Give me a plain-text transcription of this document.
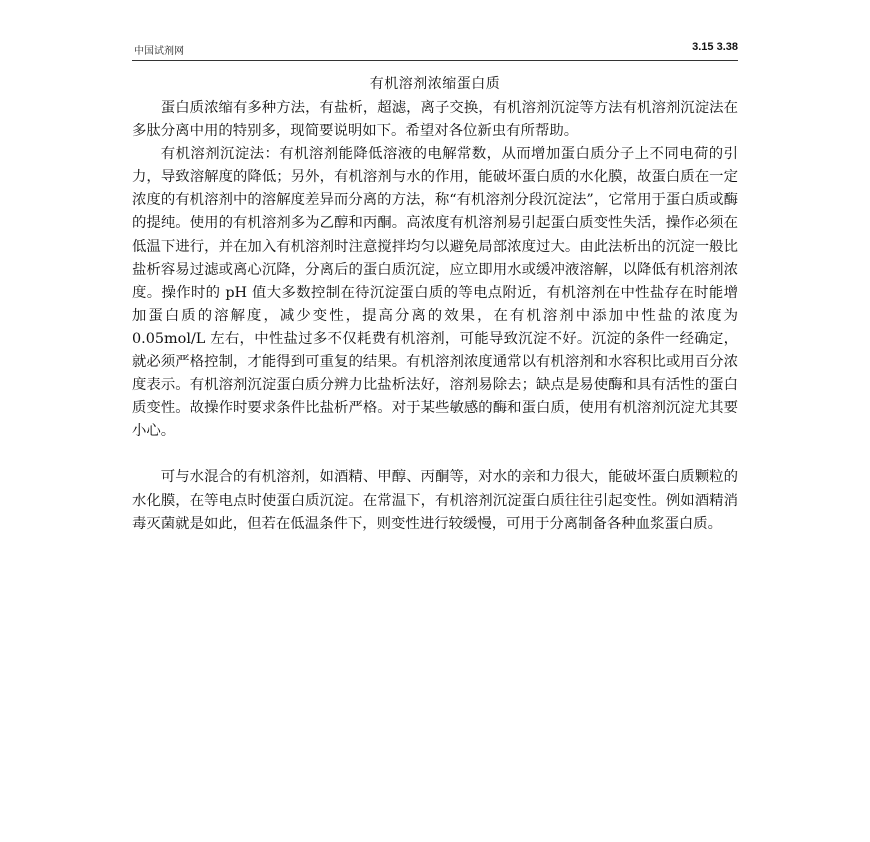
中国试剂网	3.15 3.38
有机溶剂浓缩蛋白质

蛋白质浓缩有多种方法，有盐析，超滤，离子交换，有机溶剂沉淀等方法有机溶剂沉淀法在多肽分离中用的特别多，现简要说明如下。希望对各位新虫有所帮助。

有机溶剂沉淀法：有机溶剂能降低溶液的电解常数，从而增加蛋白质分子上不同电荷的引力，导致溶解度的降低；另外，有机溶剂与水的作用，能破坏蛋白质的水化膜，故蛋白质在一定浓度的有机溶剂中的溶解度差异而分离的方法，称“有机溶剂分段沉淀法”，它常用于蛋白质或酶的提纯。使用的有机溶剂多为乙醇和丙酮。高浓度有机溶剂易引起蛋白质变性失活，操作必须在低温下进行，并在加入有机溶剂时注意搅拌均匀以避免局部浓度过大。由此法析出的沉淀一般比盐析容易过滤或离心沉降，分离后的蛋白质沉淀，应立即用水或缓冲液溶解，以降低有机溶剂浓度。操作时的 pH 值大多数控制在待沉淀蛋白质的等电点附近，有机溶剂在中性盐存在时能增加蛋白质的溶解度，减少变性，提高分离的效果，在有机溶剂中添加中性盐的浓度为 0.05mol/L 左右，中性盐过多不仅耗费有机溶剂，可能导致沉淀不好。沉淀的条件一经确定，就必须严格控制，才能得到可重复的结果。有机溶剂浓度通常以有机溶剂和水容积比或用百分浓度表示。有机溶剂沉淀蛋白质分辨力比盐析法好，溶剂易除去；缺点是易使酶和具有活性的蛋白质变性。故操作时要求条件比盐析严格。对于某些敏感的酶和蛋白质，使用有机溶剂沉淀尤其要小心。

可与水混合的有机溶剂，如酒精、甲醇、丙酮等，对水的亲和力很大，能破坏蛋白质颗粒的水化膜，在等电点时使蛋白质沉淀。在常温下，有机溶剂沉淀蛋白质往往引起变性。例如酒精消毒灭菌就是如此，但若在低温条件下，则变性进行较缓慢，可用于分离制备各种血浆蛋白质。
